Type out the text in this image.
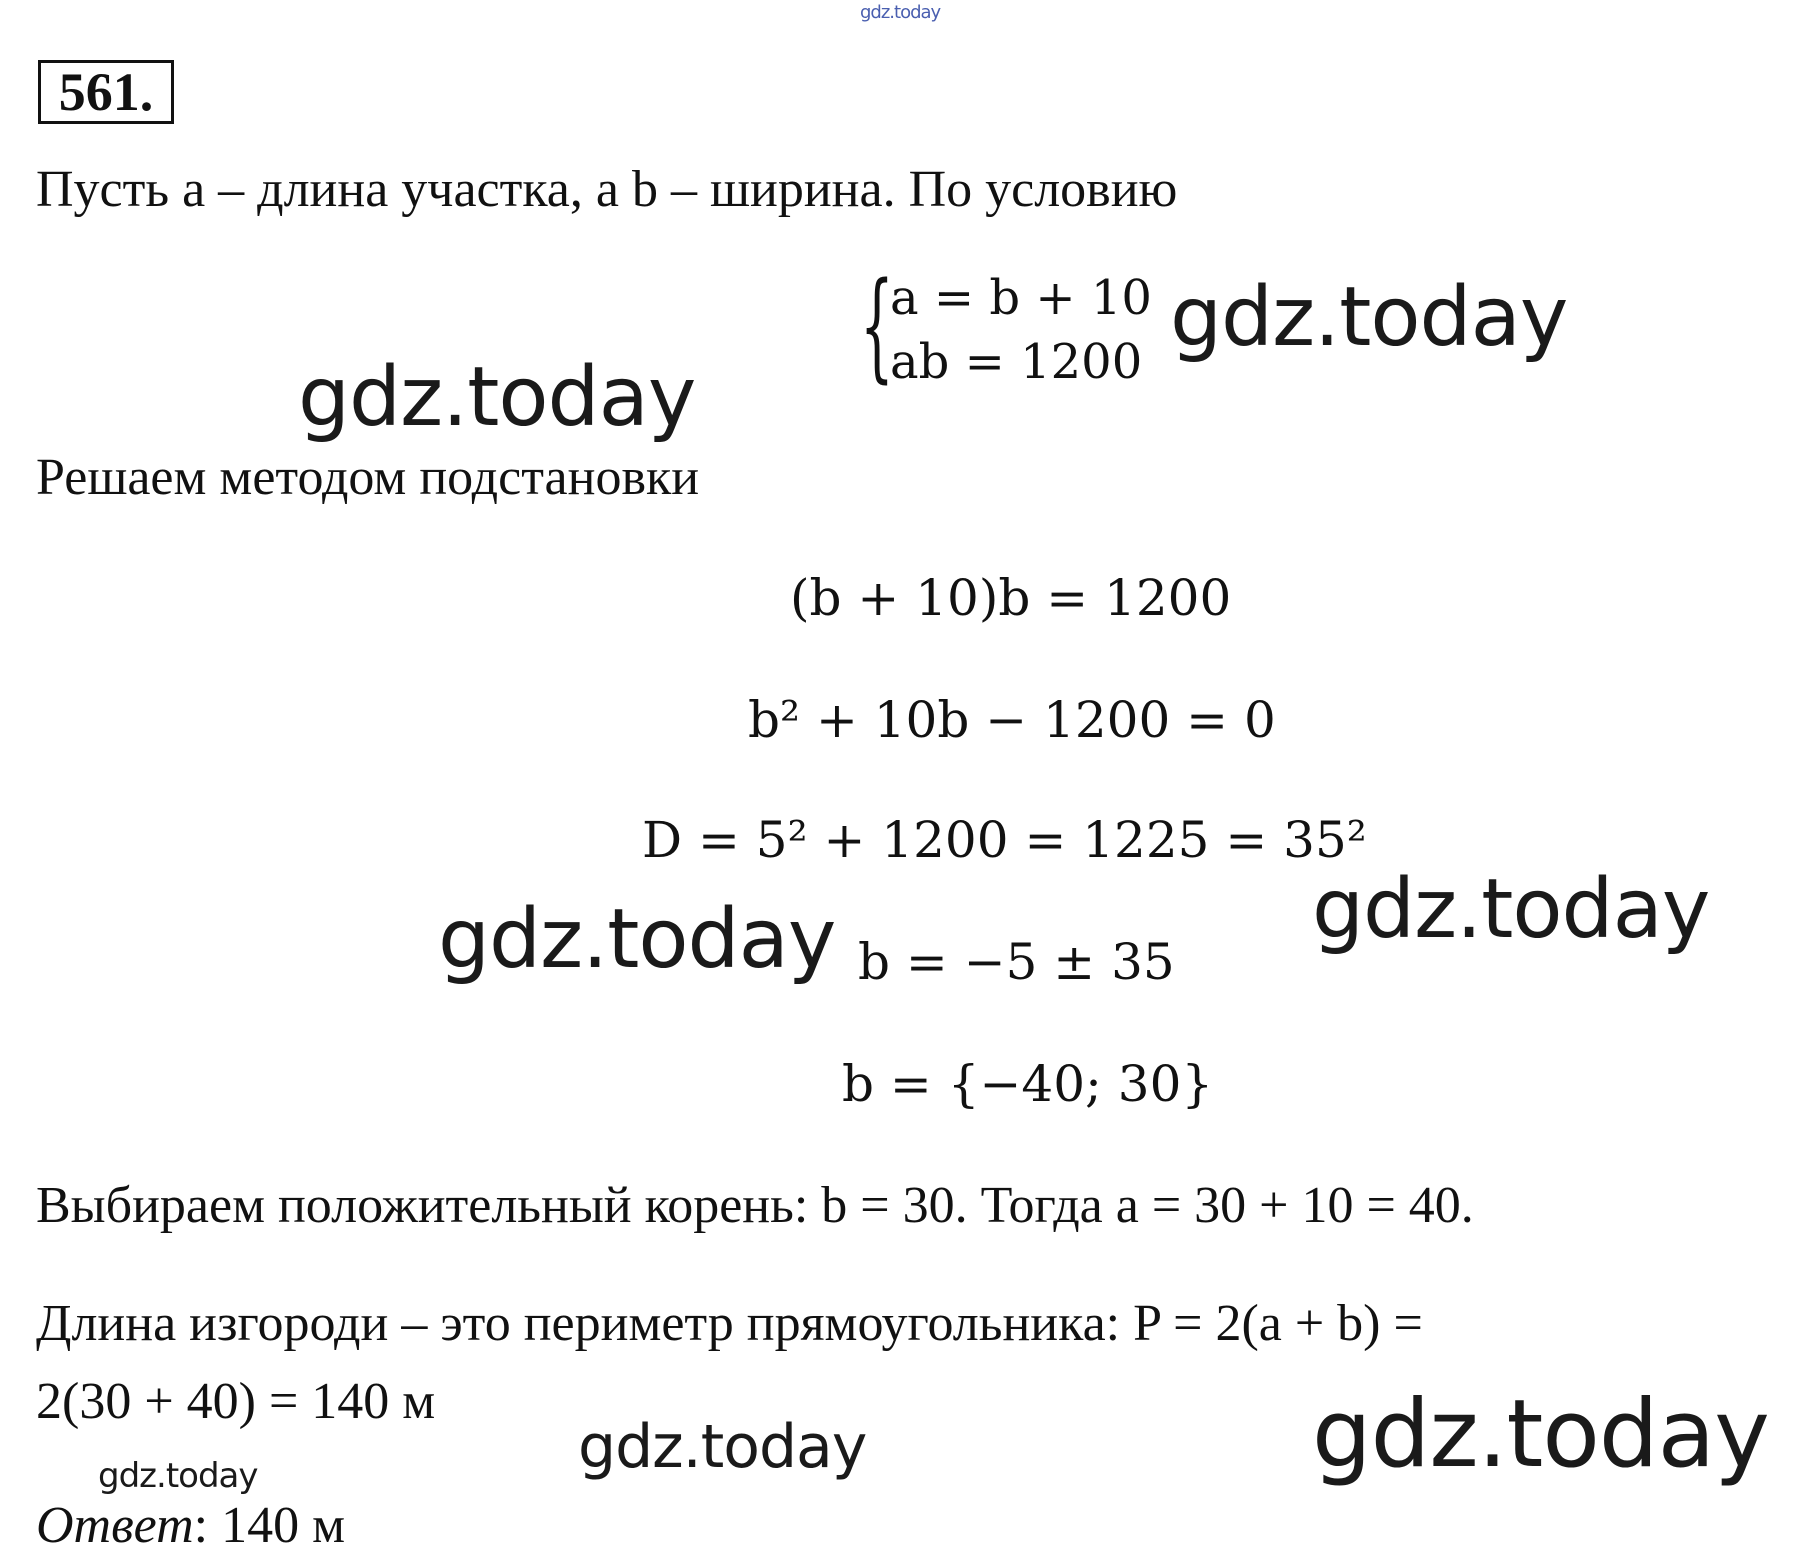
gdz.today
561.
Пусть a – длина участка, а b – ширина. По условию
{
a = b + 10
ab = 1200 gdz.today
gdz.today
Решаем методом подстановки
(b + 10)b = 1200
b² + 10b − 1200 = 0
D = 5² + 1200 = 1225 = 35²
gdz.today
gdz.today b = −5 ± 35
b = {−40; 30}
Выбираем положительный корень: b = 30. Тогда a = 30 + 10 = 40.
Длина изгороди – это периметр прямоугольника: P = 2(a + b) =
2(30 + 40) = 140 м
gdz.today	gdz.today
gdz.today
Ответ: 140 м
